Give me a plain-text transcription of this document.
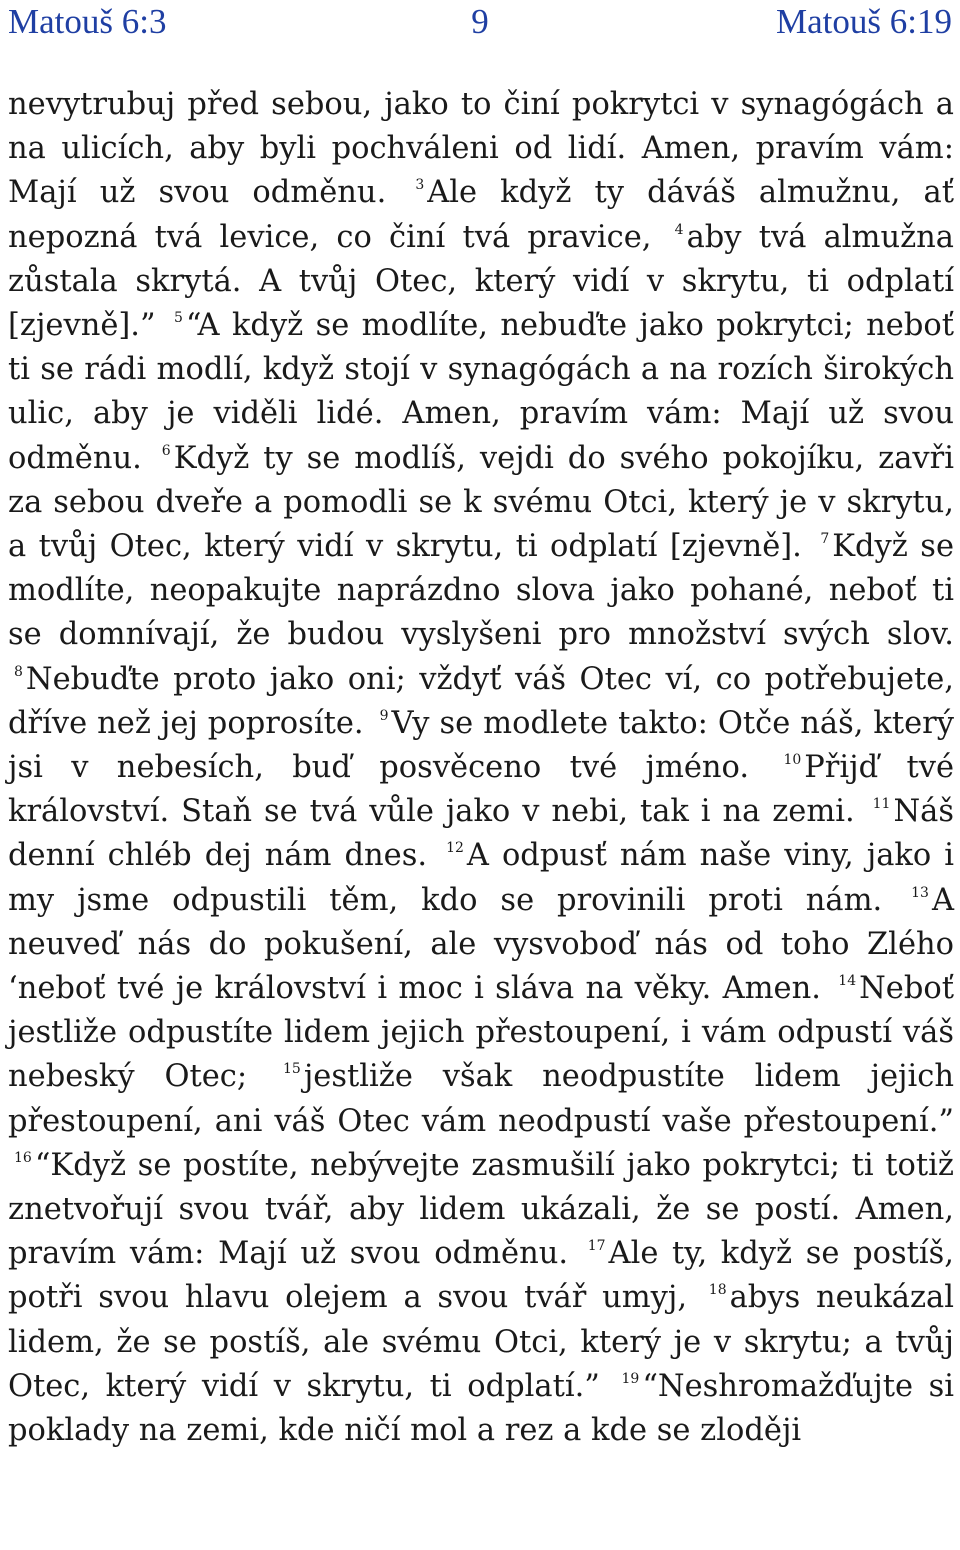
Matouš 6:3	9	Matouš 6:19
nevytrubuj před sebou, jako to činí pokrytci v synagógách a na ulicích, aby byli pochváleni od lidí. Amen, pravím vám: Mají už svou odměnu. $^3$Ale když ty dáváš almužnu, ať nepozná tvá levice, co činí tvá pravice, $^4$aby tvá almužna zůstala skrytá. A tvůj Otec, který vidí v skrytu, ti odplatí [zjevně].” $^5$“A když se modlíte, nebuďte jako pokrytci; neboť ti se rádi modlí, když stojí v synagógách a na rozích širokých ulic, aby je viděli lidé. Amen, pravím vám: Mají už svou odměnu. $^6$Když ty se modlíš, vejdi do svého pokojíku, zavři za sebou dveře a pomodli se k svému Otci, který je v skrytu, a tvůj Otec, který vidí v skrytu, ti odplatí [zjevně]. $^7$Když se modlíte, neopakujte naprázdno slova jako pohané, neboť ti se domnívají, že budou vyslyšeni pro množství svých slov. $^8$Nebuďte proto jako oni; vždyť váš Otec ví, co potřebujete, dříve než jej poprosíte. $^9$Vy se modlete takto: Otče náš, který jsi v nebesích, buď posvěceno tvé jméno. $^{10}$Přijď tvé království. Staň se tvá vůle jako v nebi, tak i na zemi. $^{11}$Náš denní chléb dej nám dnes. $^{12}$A odpusť nám naše viny, jako i my jsme odpustili těm, kdo se provinili proti nám. $^{13}$A neuveď nás do pokušení, ale vysvoboď nás od toho Zlého ‘neboť tvé je království i moc i sláva na věky. Amen. $^{14}$Neboť jestliže odpustíte lidem jejich přestoupení, i vám odpustí váš nebeský Otec;	$^{15}$jestliže však neodpustíte lidem jejich přestoupení, ani váš Otec vám neodpustí vaše přestoupení.” $^{16}$“Když se postíte, nebývejte zasmušilí jako pokrytci; ti totiž znetvořují svou tvář, aby lidem ukázali, že se postí. Amen, pravím vám: Mají už svou odměnu. $^{17}$Ale ty, když se postíš, potři svou hlavu olejem a svou tvář umyj, $^{18}$abys neukázal lidem, že se postíš, ale svému Otci, který je v skrytu; a tvůj Otec, který vidí v skrytu, ti odplatí.” $^{19}$“Neshromažďujte si poklady na zemi, kde ničí mol a rez a kde se zloději
